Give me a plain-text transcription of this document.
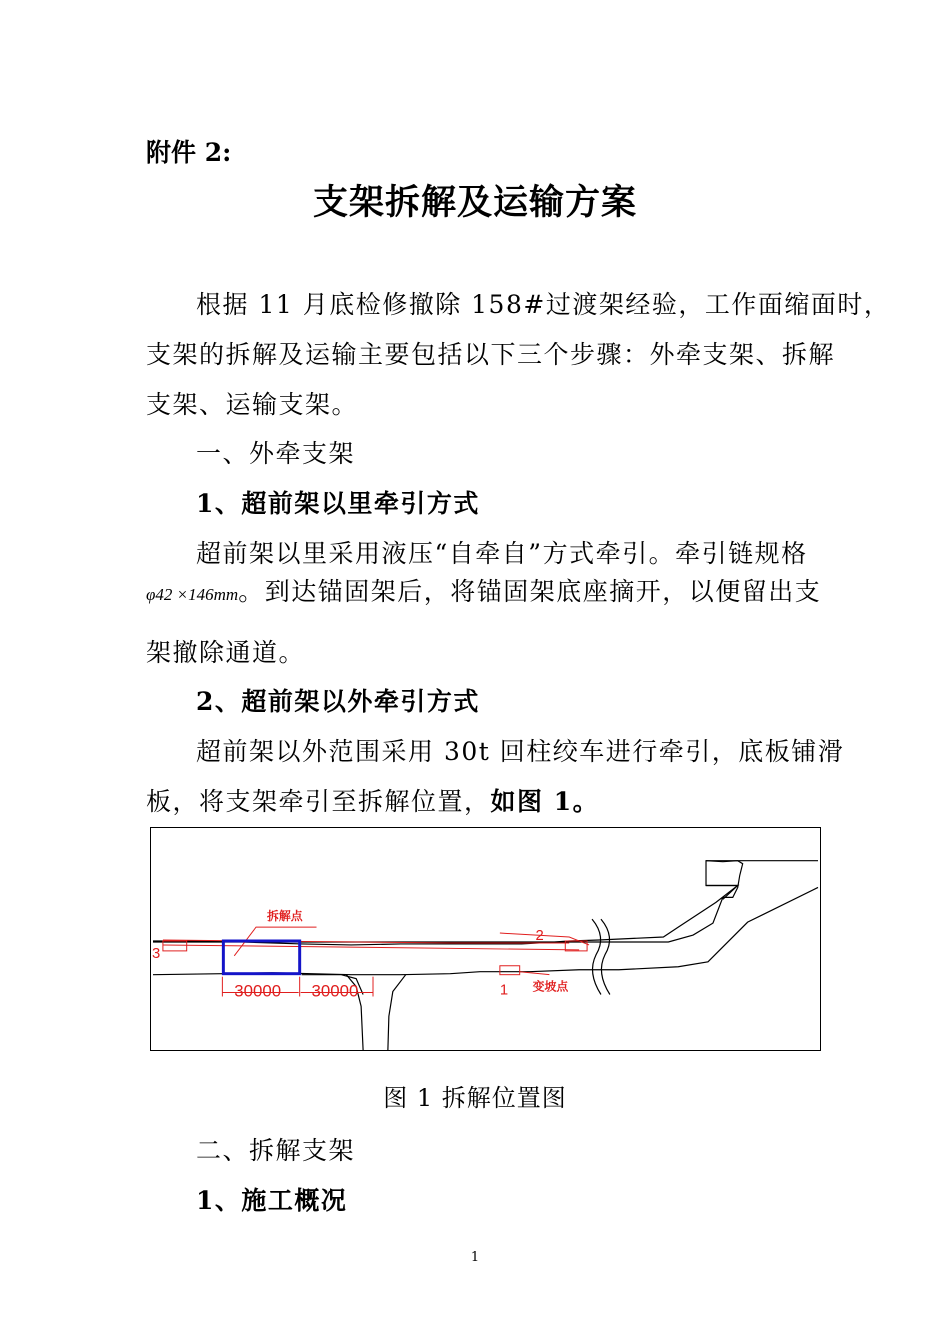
附件 2:
支架拆解及运输方案
根据 11 月底检修撤除 158#过渡架经验，工作面缩面时，
支架的拆解及运输主要包括以下三个步骤：外牵支架、拆解
支架、运输支架。
一、外牵支架
1、超前架以里牵引方式
超前架以里采用液压“自牵自”方式牵引。牵引链规格
φ42 ×146mm。到达锚固架后，将锚固架底座摘开，以便留出支
架撤除通道。
2、超前架以外牵引方式
超前架以外范围采用 30t 回柱绞车进行牵引，底板铺滑
板，将支架牵引至拆解位置，如图 1。
拆解点
变坡点
1
2
3
30000 30000
图 1 拆解位置图
二、拆解支架
1、施工概况
1
